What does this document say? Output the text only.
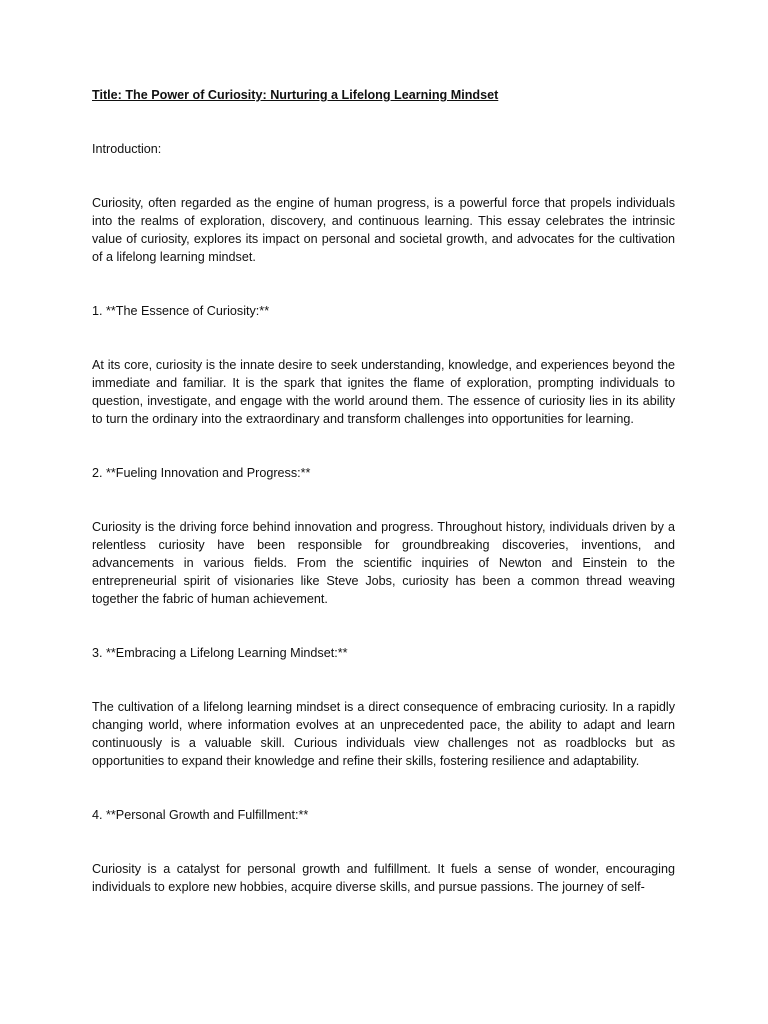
Title: The Power of Curiosity: Nurturing a Lifelong Learning Mindset

Introduction:

Curiosity, often regarded as the engine of human progress, is a powerful force that propels individuals into the realms of exploration, discovery, and continuous learning. This essay celebrates the intrinsic value of curiosity, explores its impact on personal and societal growth, and advocates for the cultivation of a lifelong learning mindset.

1. **The Essence of Curiosity:**

At its core, curiosity is the innate desire to seek understanding, knowledge, and experiences beyond the immediate and familiar. It is the spark that ignites the flame of exploration, prompting individuals to question, investigate, and engage with the world around them. The essence of curiosity lies in its ability to turn the ordinary into the extraordinary and transform challenges into opportunities for learning.

2. **Fueling Innovation and Progress:**

Curiosity is the driving force behind innovation and progress. Throughout history, individuals driven by a relentless curiosity have been responsible for groundbreaking discoveries, inventions, and advancements in various fields. From the scientific inquiries of Newton and Einstein to the entrepreneurial spirit of visionaries like Steve Jobs, curiosity has been a common thread weaving together the fabric of human achievement.

3. **Embracing a Lifelong Learning Mindset:**

The cultivation of a lifelong learning mindset is a direct consequence of embracing curiosity. In a rapidly changing world, where information evolves at an unprecedented pace, the ability to adapt and learn continuously is a valuable skill. Curious individuals view challenges not as roadblocks but as opportunities to expand their knowledge and refine their skills, fostering resilience and adaptability.

4. **Personal Growth and Fulfillment:**

Curiosity is a catalyst for personal growth and fulfillment. It fuels a sense of wonder, encouraging individuals to explore new hobbies, acquire diverse skills, and pursue passions. The journey of self-
